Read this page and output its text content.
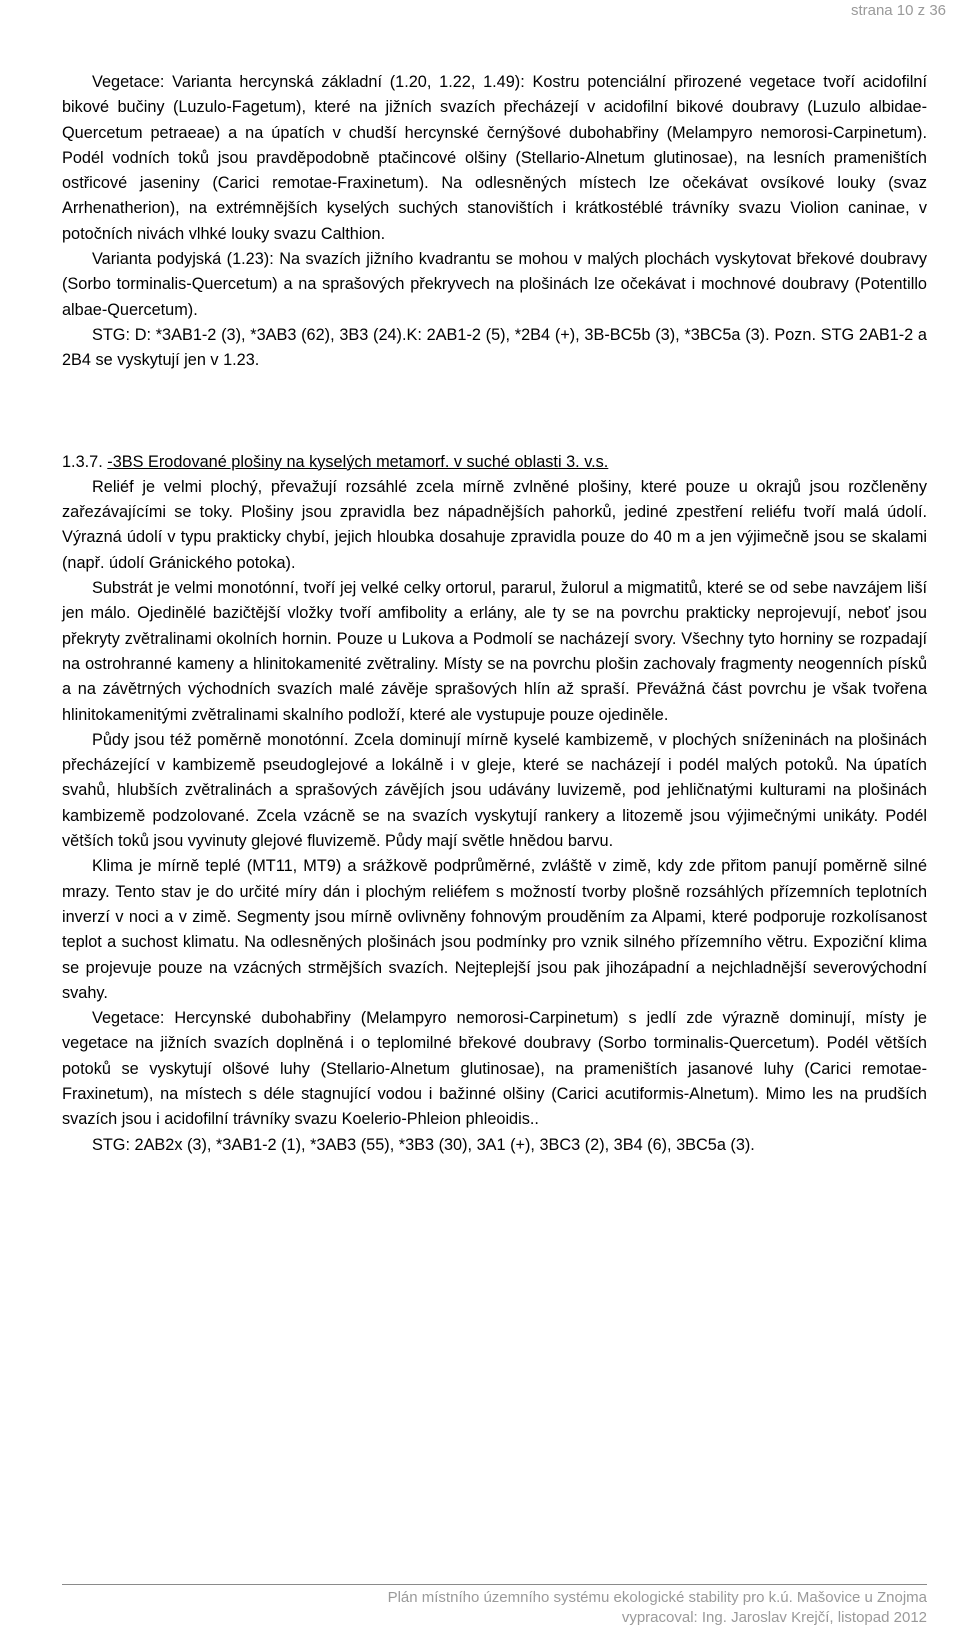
strana 10 z 36

Vegetace: Varianta hercynská základní (1.20, 1.22, 1.49): Kostru potenciální přirozené vegetace tvoří acidofilní bikové bučiny (Luzulo-Fagetum), které na jižních svazích přecházejí v acidofilní bikové doubravy (Luzulo albidae-Quercetum petraeae) a na úpatích v chudší hercynské černýšové dubohabřiny (Melampyro nemorosi-Carpinetum). Podél vodních toků jsou pravděpodobně ptačincové olšiny (Stellario-Alnetum glutinosae), na lesních prameništích ostřicové jaseniny (Carici remotae-Fraxinetum). Na odlesněných místech lze očekávat ovsíkové louky (svaz Arrhenatherion), na extrémnějších kyselých suchých stanovištích i krátkostéblé trávníky svazu Violion caninae, v potočních nivách vlhké louky svazu Calthion.

Varianta podyjská (1.23): Na svazích jižního kvadrantu se mohou v malých plochách vyskytovat břekové doubravy (Sorbo torminalis-Quercetum) a na sprašových překryvech na plošinách lze očekávat i mochnové doubravy (Potentillo albae-Quercetum).

STG: D: *3AB1-2 (3), *3AB3 (62), 3B3 (24).K: 2AB1-2 (5), *2B4 (+), 3B-BC5b (3), *3BC5a (3). Pozn. STG 2AB1-2 a 2B4 se vyskytují jen v 1.23.

1.3.7. -3BS Erodované plošiny na kyselých metamorf. v suché oblasti 3. v.s.

Reliéf je velmi plochý, převažují rozsáhlé zcela mírně zvlněné plošiny, které pouze u okrajů jsou rozčleněny zařezávajícími se toky. Plošiny jsou zpravidla bez nápadnějších pahorků, jediné zpestření reliéfu tvoří malá údolí. Výrazná údolí v typu prakticky chybí, jejich hloubka dosahuje zpravidla pouze do 40 m a jen výjimečně jsou se skalami (např. údolí Gránického potoka).

Substrát je velmi monotónní, tvoří jej velké celky ortorul, pararul, žulorul a migmatitů, které se od sebe navzájem liší jen málo. Ojedinělé bazičtější vložky tvoří amfibolity a erlány, ale ty se na povrchu prakticky neprojevují, neboť jsou překryty zvětralinami okolních hornin. Pouze u Lukova a Podmolí se nacházejí svory. Všechny tyto horniny se rozpadají na ostrohranné kameny a hlinitokamenité zvětraliny. Místy se na povrchu plošin zachovaly fragmenty neogenních písků a na závětrných východních svazích malé závěje sprašových hlín až spraší. Převážná část povrchu je však tvořena hlinitokamenitými zvětralinami skalního podloží, které ale vystupuje pouze ojediněle.

Půdy jsou též poměrně monotónní. Zcela dominují mírně kyselé kambizemě, v plochých sníženinách na plošinách přecházející v kambizemě pseudoglejové a lokálně i v gleje, které se nacházejí i podél malých potoků. Na úpatích svahů, hlubších zvětralinách a sprašových závějích jsou udávány luvizemě, pod jehličnatými kulturami na plošinách kambizemě podzolované. Zcela vzácně se na svazích vyskytují rankery a litozemě jsou výjimečnými unikáty. Podél větších toků jsou vyvinuty glejové fluvizemě. Půdy mají světle hnědou barvu.

Klima je mírně teplé (MT11, MT9) a srážkově podprůměrné, zvláště v zimě, kdy zde přitom panují poměrně silné mrazy. Tento stav je do určité míry dán i plochým reliéfem s možností tvorby plošně rozsáhlých přízemních teplotních inverzí v noci a v zimě. Segmenty jsou mírně ovlivněny fohnovým prouděním za Alpami, které podporuje rozkolísanost teplot a suchost klimatu. Na odlesněných plošinách jsou podmínky pro vznik silného přízemního větru. Expoziční klima se projevuje pouze na vzácných strmějších svazích. Nejteplejší jsou pak jihozápadní a nejchladnější severovýchodní svahy.

Vegetace: Hercynské dubohabřiny (Melampyro nemorosi-Carpinetum) s jedlí zde výrazně dominují, místy je vegetace na jižních svazích doplněná i o teplomilné břekové doubravy (Sorbo torminalis-Quercetum). Podél větších potoků se vyskytují olšové luhy (Stellario-Alnetum glutinosae), na prameništích jasanové luhy (Carici remotae-Fraxinetum), na místech s déle stagnující vodou i bažinné olšiny (Carici acutiformis-Alnetum). Mimo les na prudších svazích jsou i acidofilní trávníky svazu Koelerio-Phleion phleoidis..

STG: 2AB2x (3), *3AB1-2 (1), *3AB3 (55), *3B3 (30), 3A1 (+), 3BC3 (2), 3B4 (6), 3BC5a (3).

Plán místního územního systému ekologické stability pro k.ú. Mašovice u Znojma

vypracoval: Ing. Jaroslav Krejčí, listopad 2012
